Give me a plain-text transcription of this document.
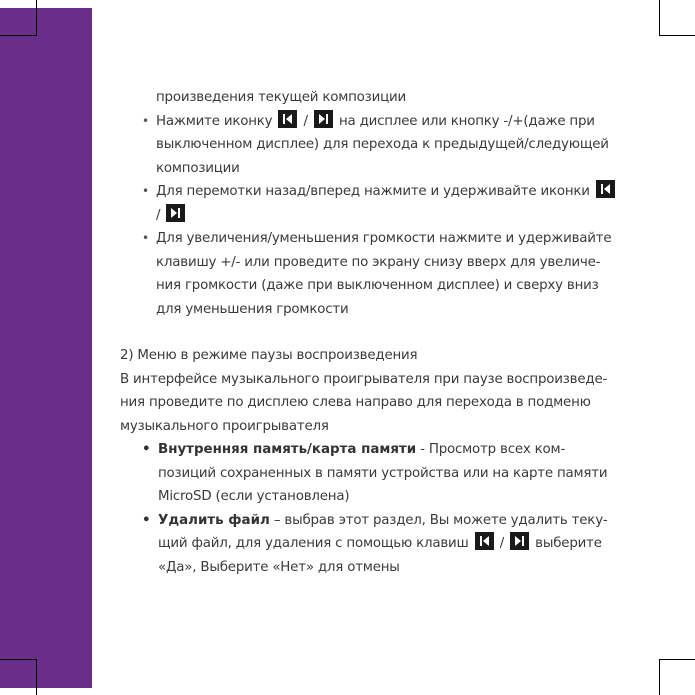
произведения текущей композиции
• Нажмите иконку / на дисплее или кнопку -/+(даже при
выключенном дисплее) для перехода к предыдущей/следующей
композиции
• Для перемотки назад/вперед нажмите и удерживайте иконки
/
• Для увеличения/уменьшения громкости нажмите и удерживайте
клавишу +/- или проведите по экрану снизу вверх для увеличе-
ния громкости (даже при выключенном дисплее) и сверху вниз
для уменьшения громкости
2) Меню в режиме паузы воспроизведения
В интерфейсе музыкального проигрывателя при паузе воспроизведе-
ния проведите по дисплею слева направо для перехода в подменю
музыкального проигрывателя
• Внутренняя память/карта памяти - Просмотр всех ком-
позиций сохраненных в памяти устройства или на карте памяти
MicroSD (если установлена)
• Удалить файл – выбрав этот раздел, Вы можете удалить теку-
щий файл, для удаления с помощью клавиш / выберите
«Да», Выберите «Нет» для отмены
